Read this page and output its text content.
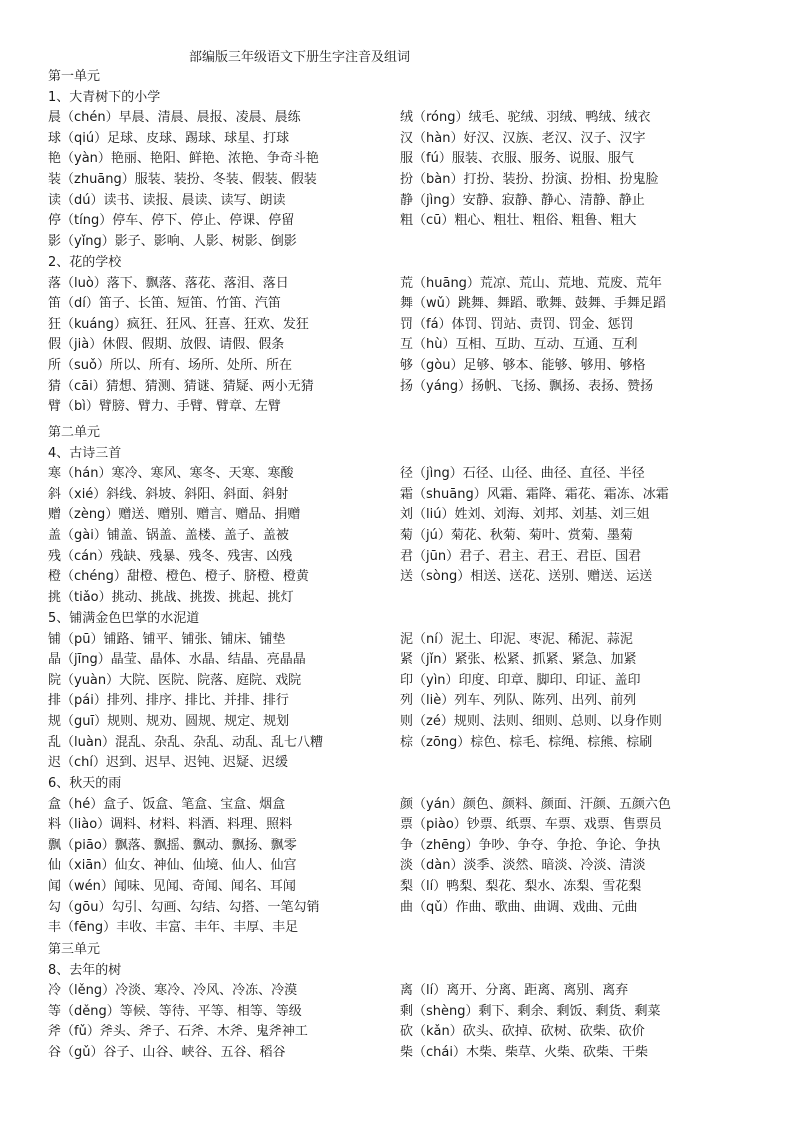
部编版三年级语文下册生字注音及组词
第一单元
1、大青树下的小学
晨（chén）早晨、清晨、晨报、凌晨、晨练	绒（róng）绒毛、驼绒、羽绒、鸭绒、绒衣
球（qiú）足球、皮球、踢球、球星、打球	汉（hàn）好汉、汉族、老汉、汉子、汉字
艳（yàn）艳丽、艳阳、鲜艳、浓艳、争奇斗艳	服（fú）服装、衣服、服务、说服、服气
装（zhuāng）服装、装扮、冬装、假装、假装	扮（bàn）打扮、装扮、扮演、扮相、扮鬼脸
读（dú）读书、读报、晨读、读写、朗读	静（jìng）安静、寂静、静心、清静、静止
停（tíng）停车、停下、停止、停课、停留	粗（cū）粗心、粗壮、粗俗、粗鲁、粗大
影（yǐng）影子、影响、人影、树影、倒影
2、花的学校
落（luò）落下、飘落、落花、落泪、落日	荒（huāng）荒凉、荒山、荒地、荒废、荒年
笛（dí）笛子、长笛、短笛、竹笛、汽笛	舞（wǔ）跳舞、舞蹈、歌舞、鼓舞、手舞足蹈
狂（kuáng）疯狂、狂风、狂喜、狂欢、发狂	罚（fá）体罚、罚站、责罚、罚金、惩罚
假（jià）休假、假期、放假、请假、假条	互（hù）互相、互助、互动、互通、互利
所（suǒ）所以、所有、场所、处所、所在	够（gòu）足够、够本、能够、够用、够格
猜（cāi）猜想、猜测、猜谜、猜疑、两小无猜	扬（yáng）扬帆、飞扬、飘扬、表扬、赞扬
臂（bì）臂膀、臂力、手臂、臂章、左臂
第二单元
4、古诗三首
寒（hán）寒冷、寒风、寒冬、天寒、寒酸	径（jìng）石径、山径、曲径、直径、半径
斜（xié）斜线、斜坡、斜阳、斜面、斜射	霜（shuāng）风霜、霜降、霜花、霜冻、冰霜
赠（zèng）赠送、赠别、赠言、赠品、捐赠	刘（liú）姓刘、刘海、刘邦、刘基、刘三姐
盖（gài）铺盖、锅盖、盖楼、盖子、盖被	菊（jú）菊花、秋菊、菊叶、赏菊、墨菊
残（cán）残缺、残暴、残冬、残害、凶残	君（jūn）君子、君主、君王、君臣、国君
橙（chéng）甜橙、橙色、橙子、脐橙、橙黄	送（sòng）相送、送花、送别、赠送、运送
挑（tiǎo）挑动、挑战、挑拨、挑起、挑灯
5、铺满金色巴掌的水泥道
铺（pū）铺路、铺平、铺张、铺床、铺垫	泥（ní）泥土、印泥、枣泥、稀泥、蒜泥
晶（jīng）晶莹、晶体、水晶、结晶、亮晶晶	紧（jǐn）紧张、松紧、抓紧、紧急、加紧
院（yuàn）大院、医院、院落、庭院、戏院	印（yìn）印度、印章、脚印、印证、盖印
排（pái）排列、排序、排比、并排、排行	列（liè）列车、列队、陈列、出列、前列
规（guī）规则、规劝、圆规、规定、规划	则（zé）规则、法则、细则、总则、以身作则
乱（luàn）混乱、杂乱、杂乱、动乱、乱七八糟	棕（zōng）棕色、棕毛、棕绳、棕熊、棕刷
迟（chí）迟到、迟早、迟钝、迟疑、迟缓
6、秋天的雨
盒（hé）盒子、饭盒、笔盒、宝盒、烟盒	颜（yán）颜色、颜料、颜面、汗颜、五颜六色
料（liào）调料、材料、料酒、料理、照料	票（piào）钞票、纸票、车票、戏票、售票员
飘（piāo）飘落、飘摇、飘动、飘扬、飘零	争（zhēng）争吵、争夺、争抢、争论、争执
仙（xiān）仙女、神仙、仙境、仙人、仙宫	淡（dàn）淡季、淡然、暗淡、冷淡、清淡
闻（wén）闻味、见闻、奇闻、闻名、耳闻	梨（lí）鸭梨、梨花、梨水、冻梨、雪花梨
勾（gōu）勾引、勾画、勾结、勾搭、一笔勾销	曲（qǔ）作曲、歌曲、曲调、戏曲、元曲
丰（fēng）丰收、丰富、丰年、丰厚、丰足
第三单元
8、去年的树
冷（lěng）冷淡、寒冷、冷风、冷冻、冷漠	离（lí）离开、分离、距离、离别、离弃
等（děng）等候、等待、平等、相等、等级	剩（shèng）剩下、剩余、剩饭、剩货、剩菜
斧（fǔ）斧头、斧子、石斧、木斧、鬼斧神工	砍（kǎn）砍头、砍掉、砍树、砍柴、砍价
谷（gǔ）谷子、山谷、峡谷、五谷、稻谷	柴（chái）木柴、柴草、火柴、砍柴、干柴
